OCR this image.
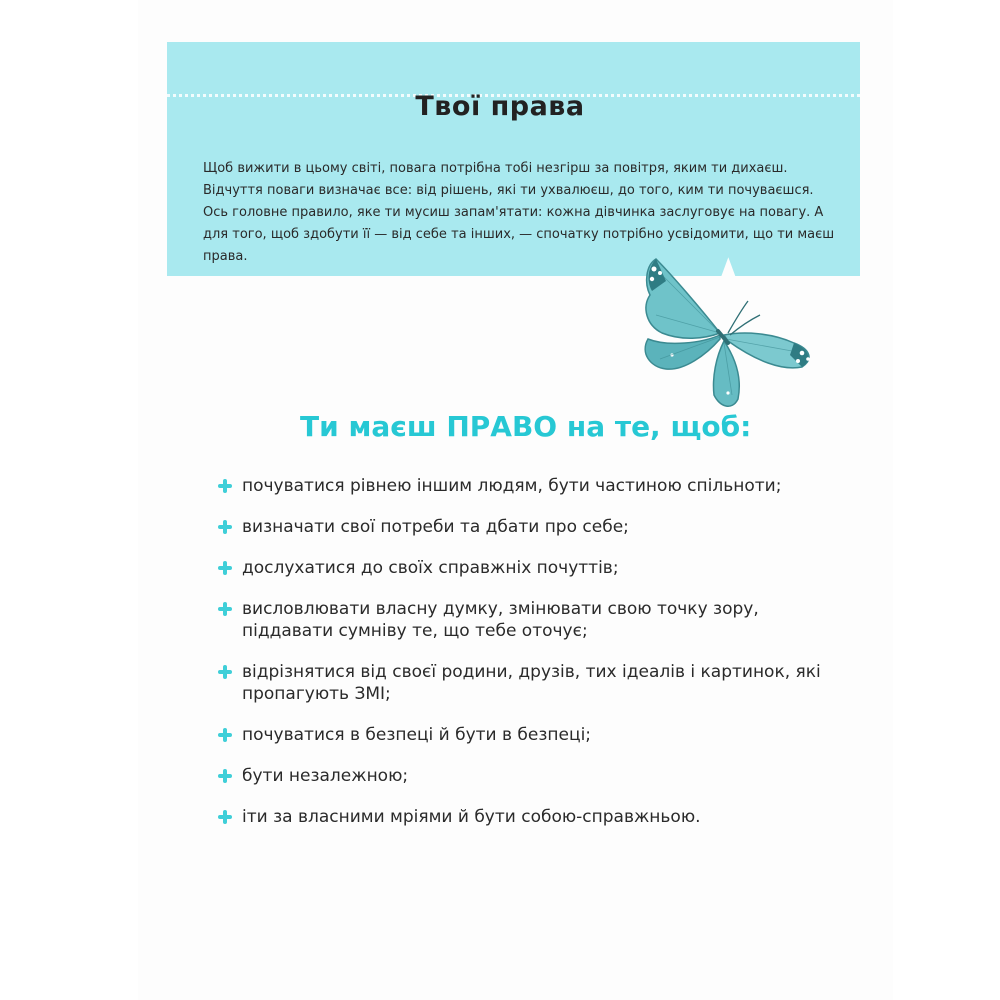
Твої права

Щоб вижити в цьому світі, повага потрібна тобі незгірш за повітря, яким ти дихаєш. Відчуття поваги визначає все: від рішень, які ти ухвалюєш, до того, ким ти почуваєшся. Ось головне правило, яке ти мусиш запам'ятати: кожна дівчинка заслуговує на повагу. А для того, щоб здобути її — від себе та інших, — спочатку потрібно усвідомити, що ти маєш права.

Ти маєш ПРАВО на те, щоб:
почуватися рівнею іншим людям, бути частиною спільноти;
визначати свої потреби та дбати про себе;
дослухатися до своїх справжніх почуттів;
висловлювати власну думку, змінювати свою точку зору, піддавати сумніву те, що тебе оточує;
відрізнятися від своєї родини, друзів, тих ідеалів і картинок, які пропагують ЗМІ;
почуватися в безпеці й бути в безпеці;
бути незалежною;
іти за власними мріями й бути собою-справжньою.
